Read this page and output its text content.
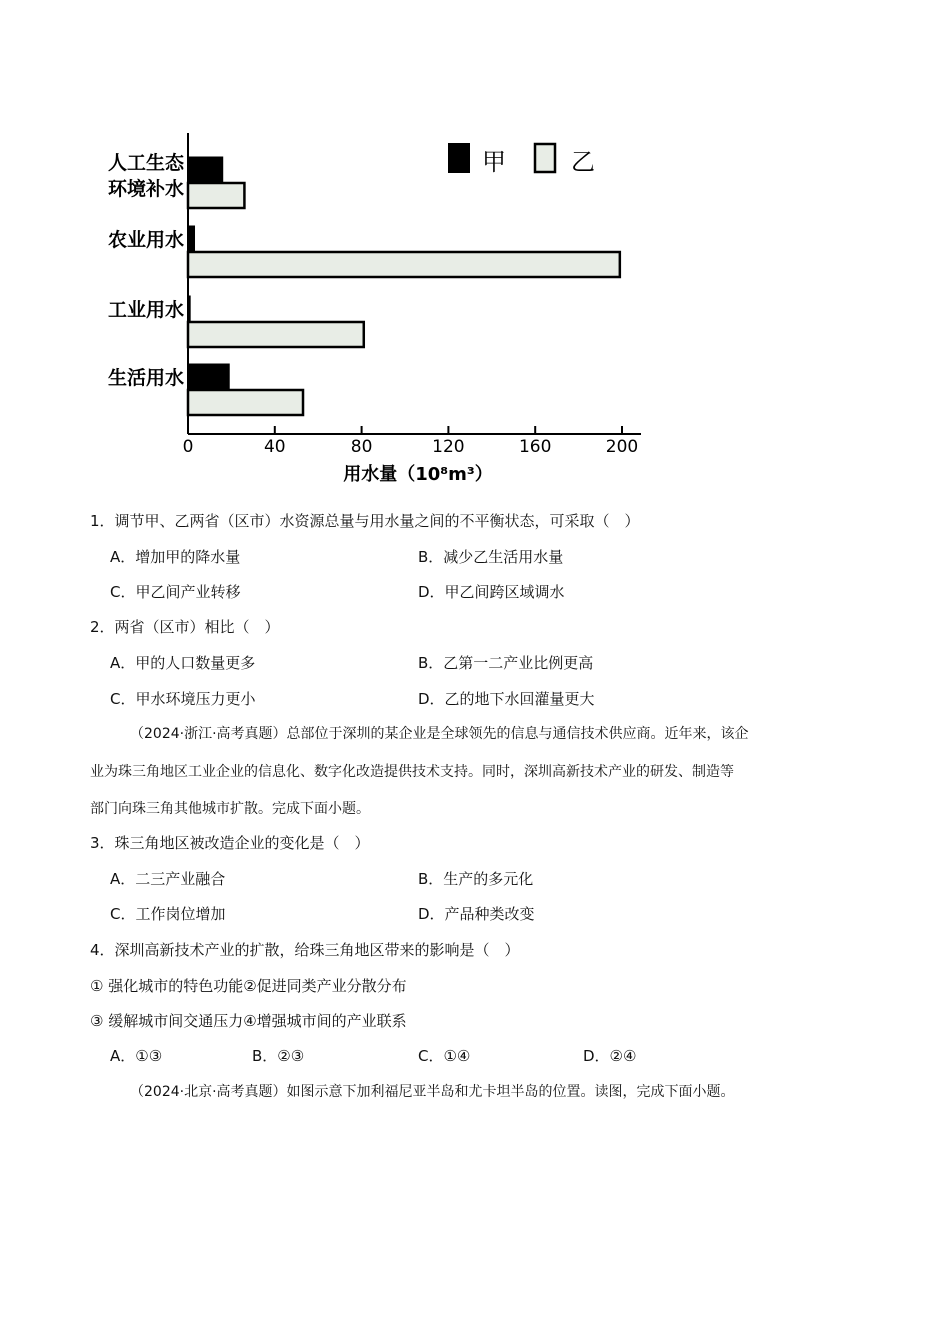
人工生态
环境补水
农业用水
工业用水
生活用水
0	40	80	120	160	200
用水量（10⁸m³）
甲	乙
1．调节甲、乙两省（区市）水资源总量与用水量之间的不平衡状态，可采取（　）
A．增加甲的降水量	B．减少乙生活用水量
C．甲乙间产业转移	D．甲乙间跨区域调水
2．两省（区市）相比（　）
A．甲的人口数量更多	B．乙第一二产业比例更高
C．甲水环境压力更小	D．乙的地下水回灌量更大
（2024·浙江·高考真题）总部位于深圳的某企业是全球领先的信息与通信技术供应商。近年来，该企
业为珠三角地区工业企业的信息化、数字化改造提供技术支持。同时，深圳高新技术产业的研发、制造等
部门向珠三角其他城市扩散。完成下面小题。
3．珠三角地区被改造企业的变化是（　）
A．二三产业融合	B．生产的多元化
C．工作岗位增加	D．产品种类改变
4．深圳高新技术产业的扩散，给珠三角地区带来的影响是（　）
① 强化城市的特色功能②促进同类产业分散分布
③ 缓解城市间交通压力④增强城市间的产业联系
A．①③	B．②③	C．①④	D．②④
（2024·北京·高考真题）如图示意下加利福尼亚半岛和尤卡坦半岛的位置。读图，完成下面小题。
